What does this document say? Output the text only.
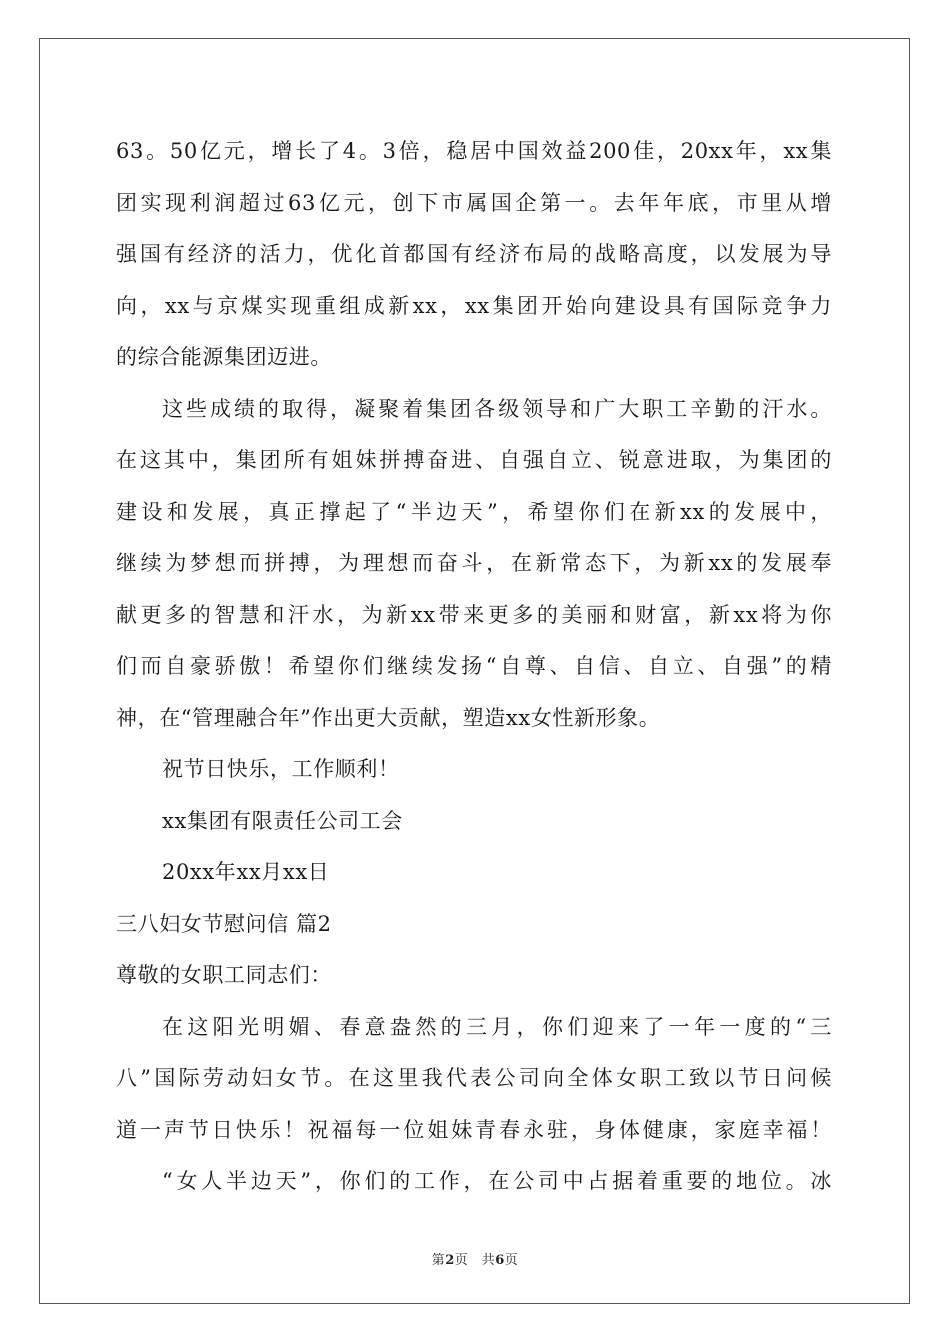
63。50亿元，增长了4。3倍，稳居中国效益200佳，20xx年，xx集
团实现利润超过63亿元，创下市属国企第一。去年年底，市里从增
强国有经济的活力，优化首都国有经济布局的战略高度，以发展为导
向，xx与京煤实现重组成新xx，xx集团开始向建设具有国际竞争力
的综合能源集团迈进。
这些成绩的取得，凝聚着集团各级领导和广大职工辛勤的汗水。
在这其中，集团所有姐妹拼搏奋进、自强自立、锐意进取，为集团的
建设和发展，真正撑起了“半边天”，希望你们在新xx的发展中，
继续为梦想而拼搏，为理想而奋斗，在新常态下，为新xx的发展奉
献更多的智慧和汗水，为新xx带来更多的美丽和财富，新xx将为你
们而自豪骄傲！希望你们继续发扬“自尊、自信、自立、自强”的精
神，在“管理融合年”作出更大贡献，塑造xx女性新形象。
祝节日快乐，工作顺利！
xx集团有限责任公司工会
20xx年xx月xx日
三八妇女节慰问信 篇2
尊敬的女职工同志们：
在这阳光明媚、春意盎然的三月，你们迎来了一年一度的“三
八”国际劳动妇女节。在这里我代表公司向全体女职工致以节日问候
道一声节日快乐！祝福每一位姐妹青春永驻，身体健康，家庭幸福！
“女人半边天”，你们的工作，在公司中占据着重要的地位。冰
第2页　共6页
